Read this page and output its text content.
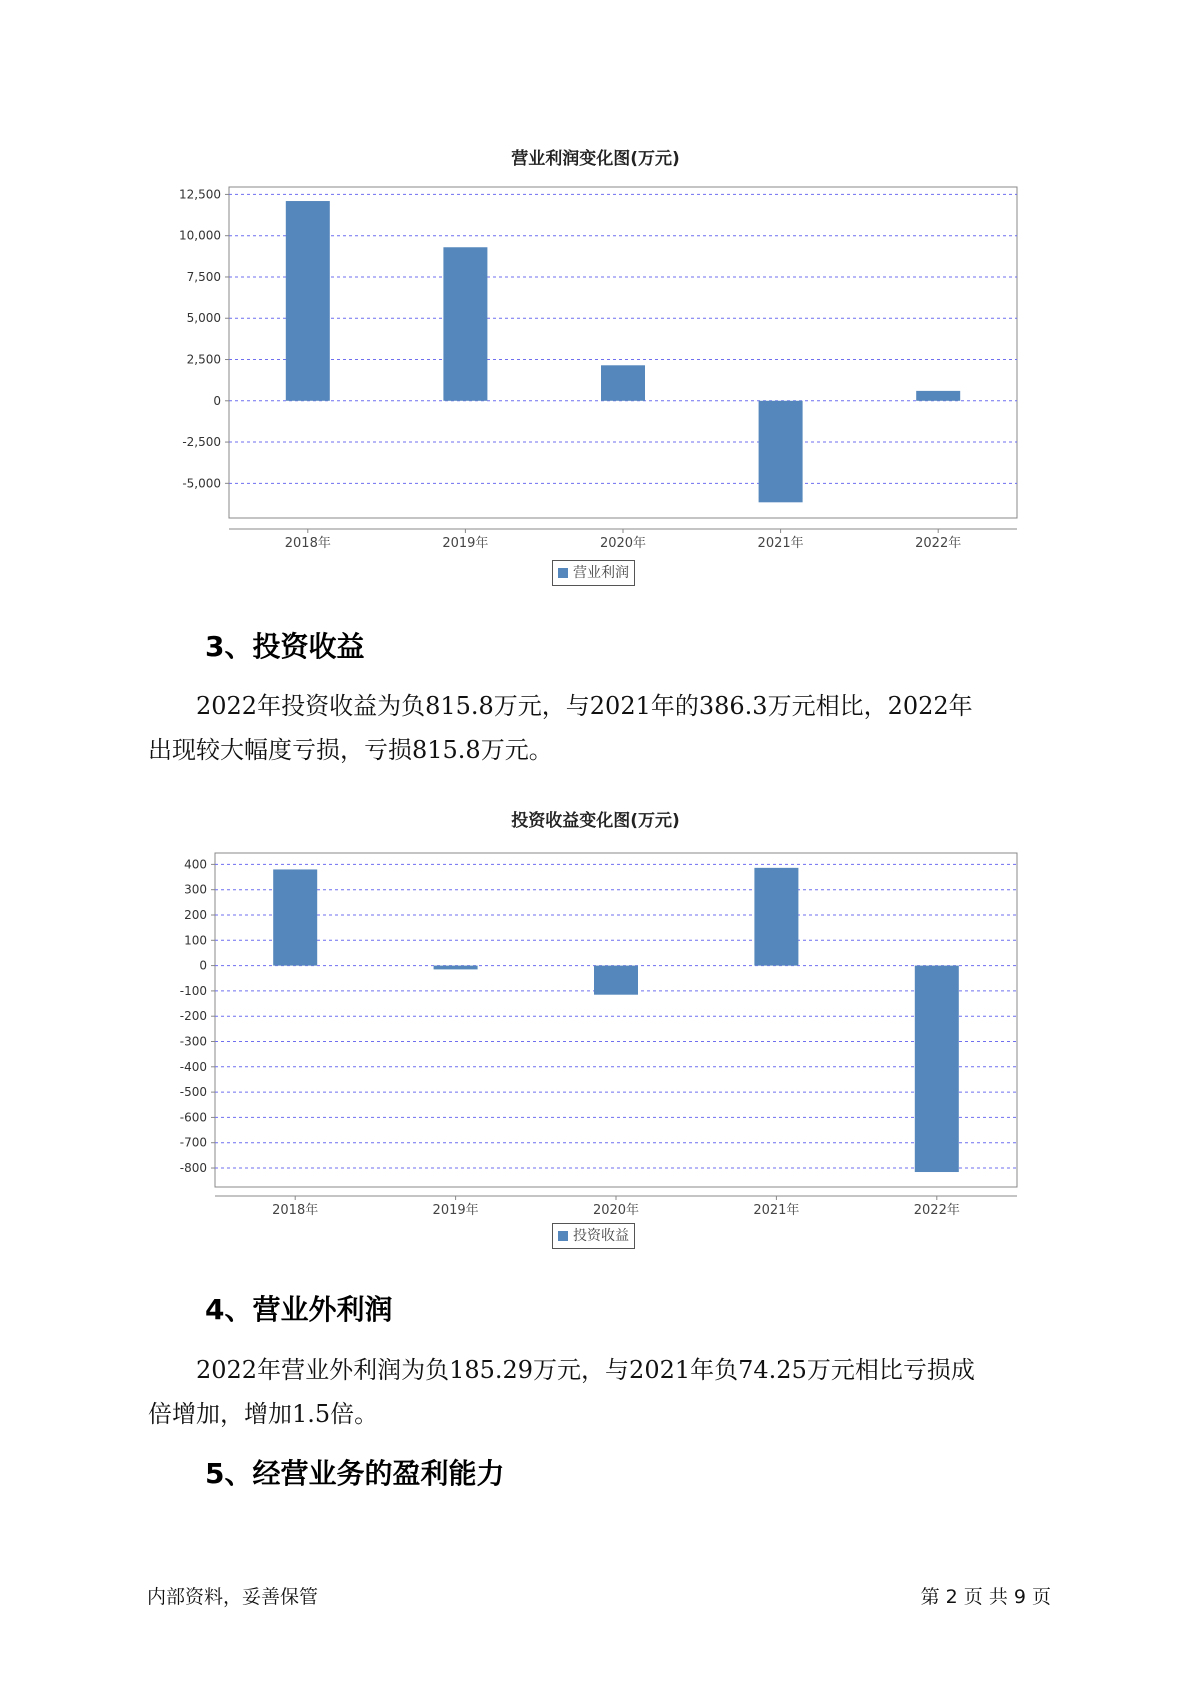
营业利润变化图(万元)
12,500
10,000
7,500
5,000
2,500
0
-2,500
-5,000
2018年	2019年	2020年	2021年	2022年
营业利润
3、投资收益
　　2022年投资收益为负815.8万元，与2021年的386.3万元相比，2022年
出现较大幅度亏损，亏损815.8万元。
投资收益变化图(万元)
400
300
200
100
0
-100
-200
-300
-400
-500
-600
-700
-800
2018年	2019年	2020年	2021年	2022年
投资收益
4、营业外利润
　　2022年营业外利润为负185.29万元，与2021年负74.25万元相比亏损成
倍增加，增加1.5倍。
5、经营业务的盈利能力
内部资料，妥善保管	第 2 页 共 9 页
